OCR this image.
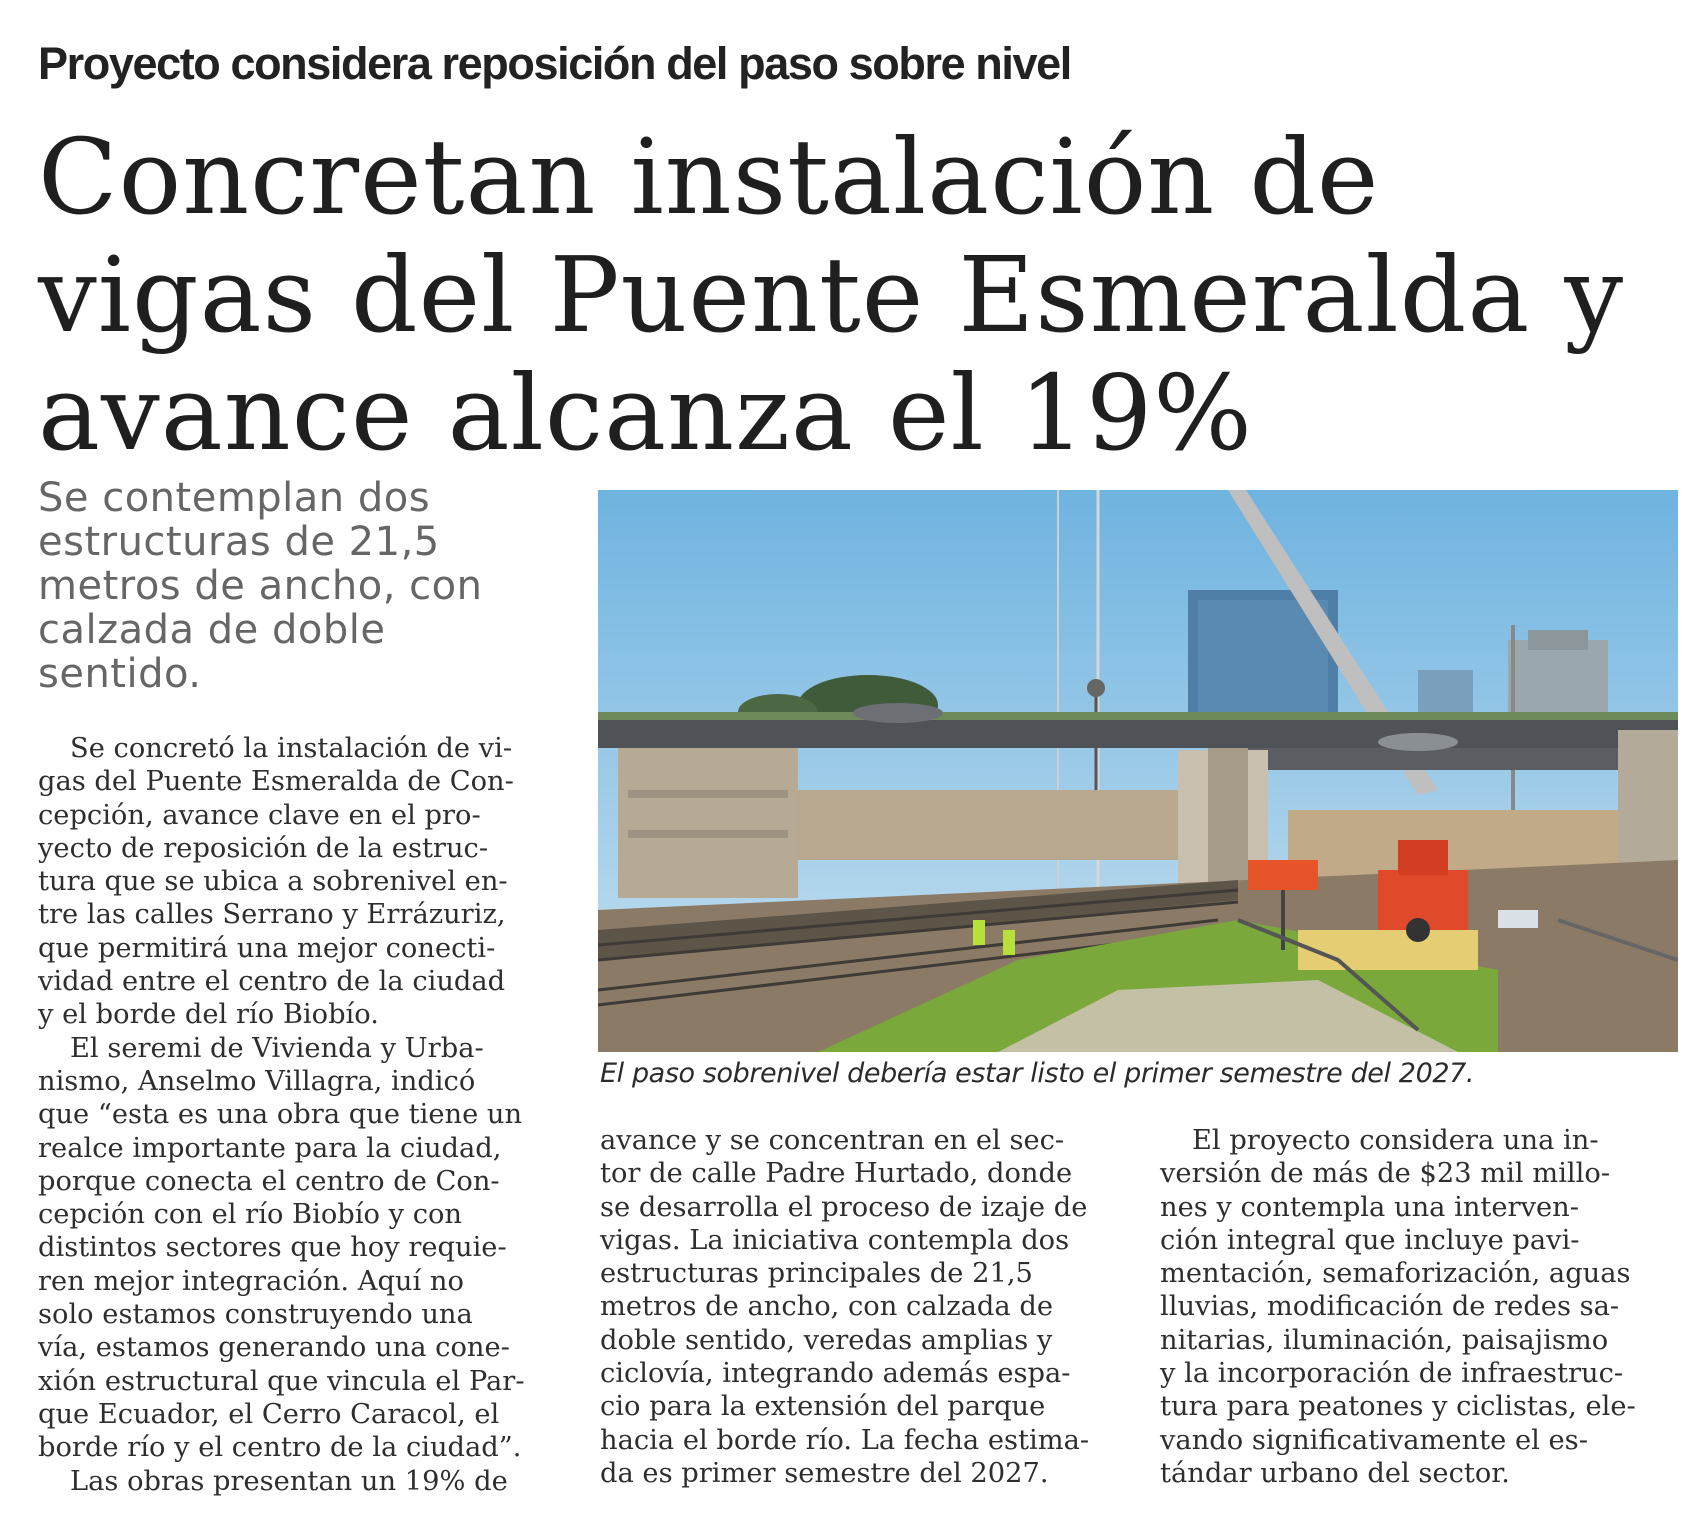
Proyecto considera reposición del paso sobre nivel
Concretan instalación de
vigas del Puente Esmeralda y
avance alcanza el 19%
Se contemplan dos
estructuras de 21,5
metros de ancho, con
calzada de doble
sentido.
El paso sobrenivel debería estar listo el primer semestre del 2027.
Se concretó la instalación de vi-
gas del Puente Esmeralda de Con-
cepción, avance clave en el pro-
yecto de reposición de la estruc-
tura que se ubica a sobrenivel en-
tre las calles Serrano y Errázuriz,
que permitirá una mejor conecti-
vidad entre el centro de la ciudad
y el borde del río Biobío.
El seremi de Vivienda y Urba-
nismo, Anselmo Villagra, indicó
que “esta es una obra que tiene un
realce importante para la ciudad,
porque conecta el centro de Con-
cepción con el río Biobío y con
distintos sectores que hoy requie-
ren mejor integración. Aquí no
solo estamos construyendo una
vía, estamos generando una cone-
xión estructural que vincula el Par-
que Ecuador, el Cerro Caracol, el
borde río y el centro de la ciudad”.
Las obras presentan un 19% de
avance y se concentran en el sec-
tor de calle Padre Hurtado, donde
se desarrolla el proceso de izaje de
vigas. La iniciativa contempla dos
estructuras principales de 21,5
metros de ancho, con calzada de
doble sentido, veredas amplias y
ciclovía, integrando además espa-
cio para la extensión del parque
hacia el borde río. La fecha estima-
da es primer semestre del 2027.
El proyecto considera una in-
versión de más de $23 mil millo-
nes y contempla una interven-
ción integral que incluye pavi-
mentación, semaforización, aguas
lluvias, modificación de redes sa-
nitarias, iluminación, paisajismo
y la incorporación de infraestruc-
tura para peatones y ciclistas, ele-
vando significativamente el es-
tándar urbano del sector.
